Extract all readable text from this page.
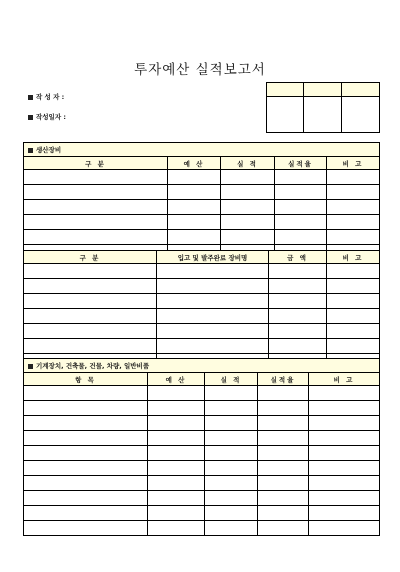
투자예산 실적보고서
작 성 자 :
작성일자 :

생산장비				
구 분	예 산	실 적	실적율	비 고

구 분	입고 및 발주완료 장비명	금 액	비 고

기계장치, 건축물, 건물, 차량, 일반비품				
항 목	예 산	실 적	실적율	비 고
